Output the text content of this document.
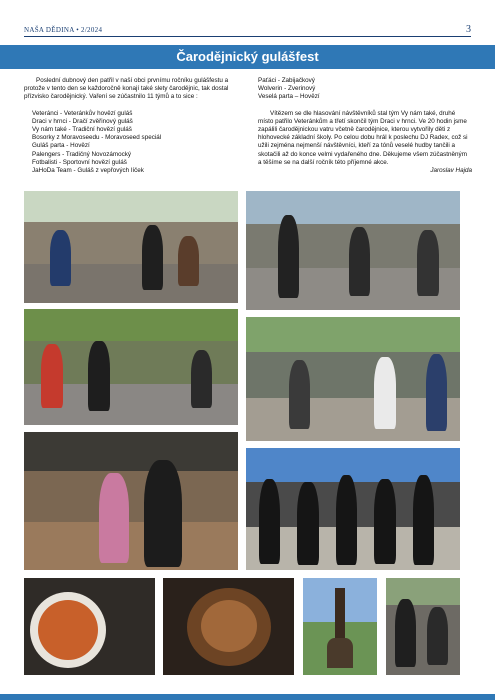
NAŠA DĚDINA • 2/2024	3
Čarodějnický gulášfest

Poslední dubnový den patřil v naší obci prvnímu ročníku gulášfestu a protože v tento den se každoročně konají také slety čarodějnic, tak dostal přízvisko čarodějnický. Vaření se zúčastnilo 11 týmů a to sice :

Veteránci - Veteránkův hovězí guláš
Draci v hrnci - Dračí zvěřinový guláš
Vy nám také - Tradiční hovězí guláš
Bosorky z Moravoseedu - Moravoseed speciál
Guláš parta - Hovězí
Palengers - Tradičný Novozámocký
Fotbalisti - Sportovní hovězí guláš
JaHoDa Team - Guláš z vepřových líček
Paťáci - Zabijačkový
Wolverin - Zverinový
Veselá parta – Hovězí

Vítězem se dle hlasování návštěvníků stal tým Vy nám také, druhé místo patřilo Veteránkům a třetí skončil tým Draci v hrnci. Ve 20 hodin jsme zapálili čarodějnickou vatru včetně čarodějnice, kterou vytvořily děti z hlohovecké základní školy. Po celou dobu hrál k poslechu DJ Radex, což si užili zejména nejmenší návštěvníci, kteří za tónů veselé hudby tančili a skotačili až do konce velmi vydařeného dne. Děkujeme všem zúčastněným a těšíme se na další ročník této příjemné akce.

Jaroslav Hajda
